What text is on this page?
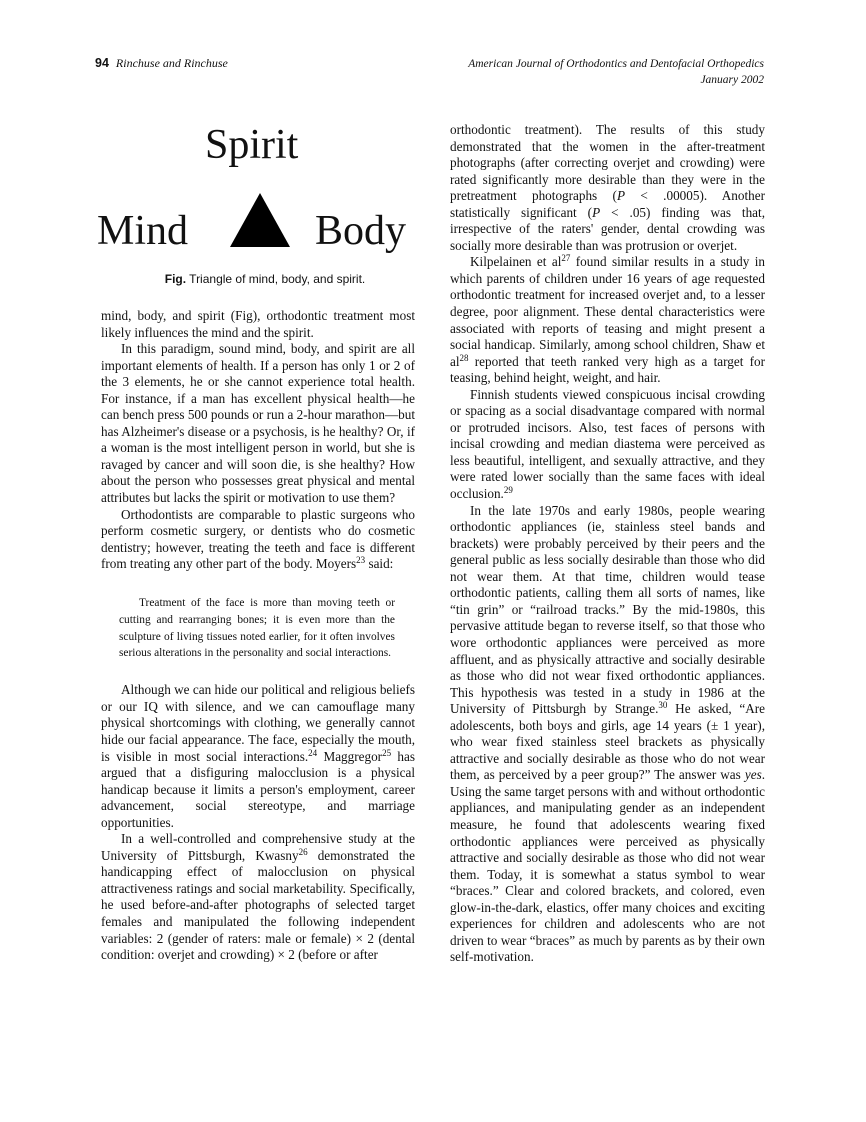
94 Rinchuse and Rinchuse	American Journal of Orthodontics and Dentofacial Orthopedics
January 2002
Spirit
Mind	Body
Fig. Triangle of mind, body, and spirit.

mind, body, and spirit (Fig), orthodontic treatment most likely influences the mind and the spirit.

In this paradigm, sound mind, body, and spirit are all important elements of health. If a person has only 1 or 2 of the 3 elements, he or she cannot experience total health. For instance, if a man has excellent physical health—he can bench press 500 pounds or run a 2-hour marathon—but has Alzheimer's disease or a psychosis, is he healthy? Or, if a woman is the most intelligent person in world, but she is ravaged by cancer and will soon die, is she healthy? How about the person who possesses great physical and mental attributes but lacks the spirit or motivation to use them?

Orthodontists are comparable to plastic surgeons who perform cosmetic surgery, or dentists who do cosmetic dentistry; however, treating the teeth and face is different from treating any other part of the body. Moyers$^{23}$ said:

Treatment of the face is more than moving teeth or cutting and rearranging bones; it is even more than the sculpture of living tissues noted earlier, for it often involves serious alterations in the personality and social interactions.

Although we can hide our political and religious beliefs or our IQ with silence, and we can camouflage many physical shortcomings with clothing, we generally cannot hide our facial appearance. The face, especially the mouth, is visible in most social interactions.$^{24}$ Maggregor$^{25}$ has argued that a disfiguring malocclusion is a physical handicap because it limits a person's employment, career advancement, social stereotype, and marriage opportunities.

In a well-controlled and comprehensive study at the University of Pittsburgh, Kwasny$^{26}$ demonstrated the handicapping effect of malocclusion on physical attractiveness ratings and social marketability. Specifically, he used before-and-after photographs of selected target females and manipulated the following independent variables: 2 (gender of raters: male or female) × 2 (dental condition: overjet and crowding) × 2 (before or after

orthodontic treatment). The results of this study demonstrated that the women in the after-treatment photographs (after correcting overjet and crowding) were rated significantly more desirable than they were in the pretreatment photographs (P < .00005). Another statistically significant (P < .05) finding was that, irrespective of the raters' gender, dental crowding was socially more desirable than was protrusion or overjet.

Kilpelainen et $al^{27}$ found similar results in a study in which parents of children under 16 years of age requested orthodontic treatment for increased overjet and, to a lesser degree, poor alignment. These dental characteristics were associated with reports of teasing and might present a social handicap. Similarly, among school children, Shaw et $al^{28}$ reported that teeth ranked very high as a target for teasing, behind height, weight, and hair.

Finnish students viewed conspicuous incisal crowding or spacing as a social disadvantage compared with normal or protruded incisors. Also, test faces of persons with incisal crowding and median diastema were perceived as less beautiful, intelligent, and sexually attractive, and they were rated lower socially than the same faces with ideal occlusion.$^{29}$

In the late 1970s and early 1980s, people wearing orthodontic appliances (ie, stainless steel bands and brackets) were probably perceived by their peers and the general public as less socially desirable than those who did not wear them. At that time, children would tease orthodontic patients, calling them all sorts of names, like “tin grin” or “railroad tracks.” By the mid-1980s, this pervasive attitude began to reverse itself, so that those who wore orthodontic appliances were perceived as more affluent, and as physically attractive and socially desirable as those who did not wear fixed orthodontic appliances. This hypothesis was tested in a study in 1986 at the University of Pittsburgh by Strange.$^{30}$ He asked, “Are adolescents, both boys and girls, age 14 years (± 1 year), who wear fixed stainless steel brackets as physically attractive and socially desirable as those who do not wear them, as perceived by a peer group?” The answer was yes. Using the same target persons with and without orthodontic appliances, and manipulating gender as an independent measure, he found that adolescents wearing fixed orthodontic appliances were perceived as physically attractive and socially desirable as those who did not wear them. Today, it is somewhat a status symbol to wear “braces.” Clear and colored brackets, and colored, even glow-in-the-dark, elastics, offer many choices and exciting experiences for children and adolescents who are not driven to wear “braces” as much by parents as by their own self-motivation.
